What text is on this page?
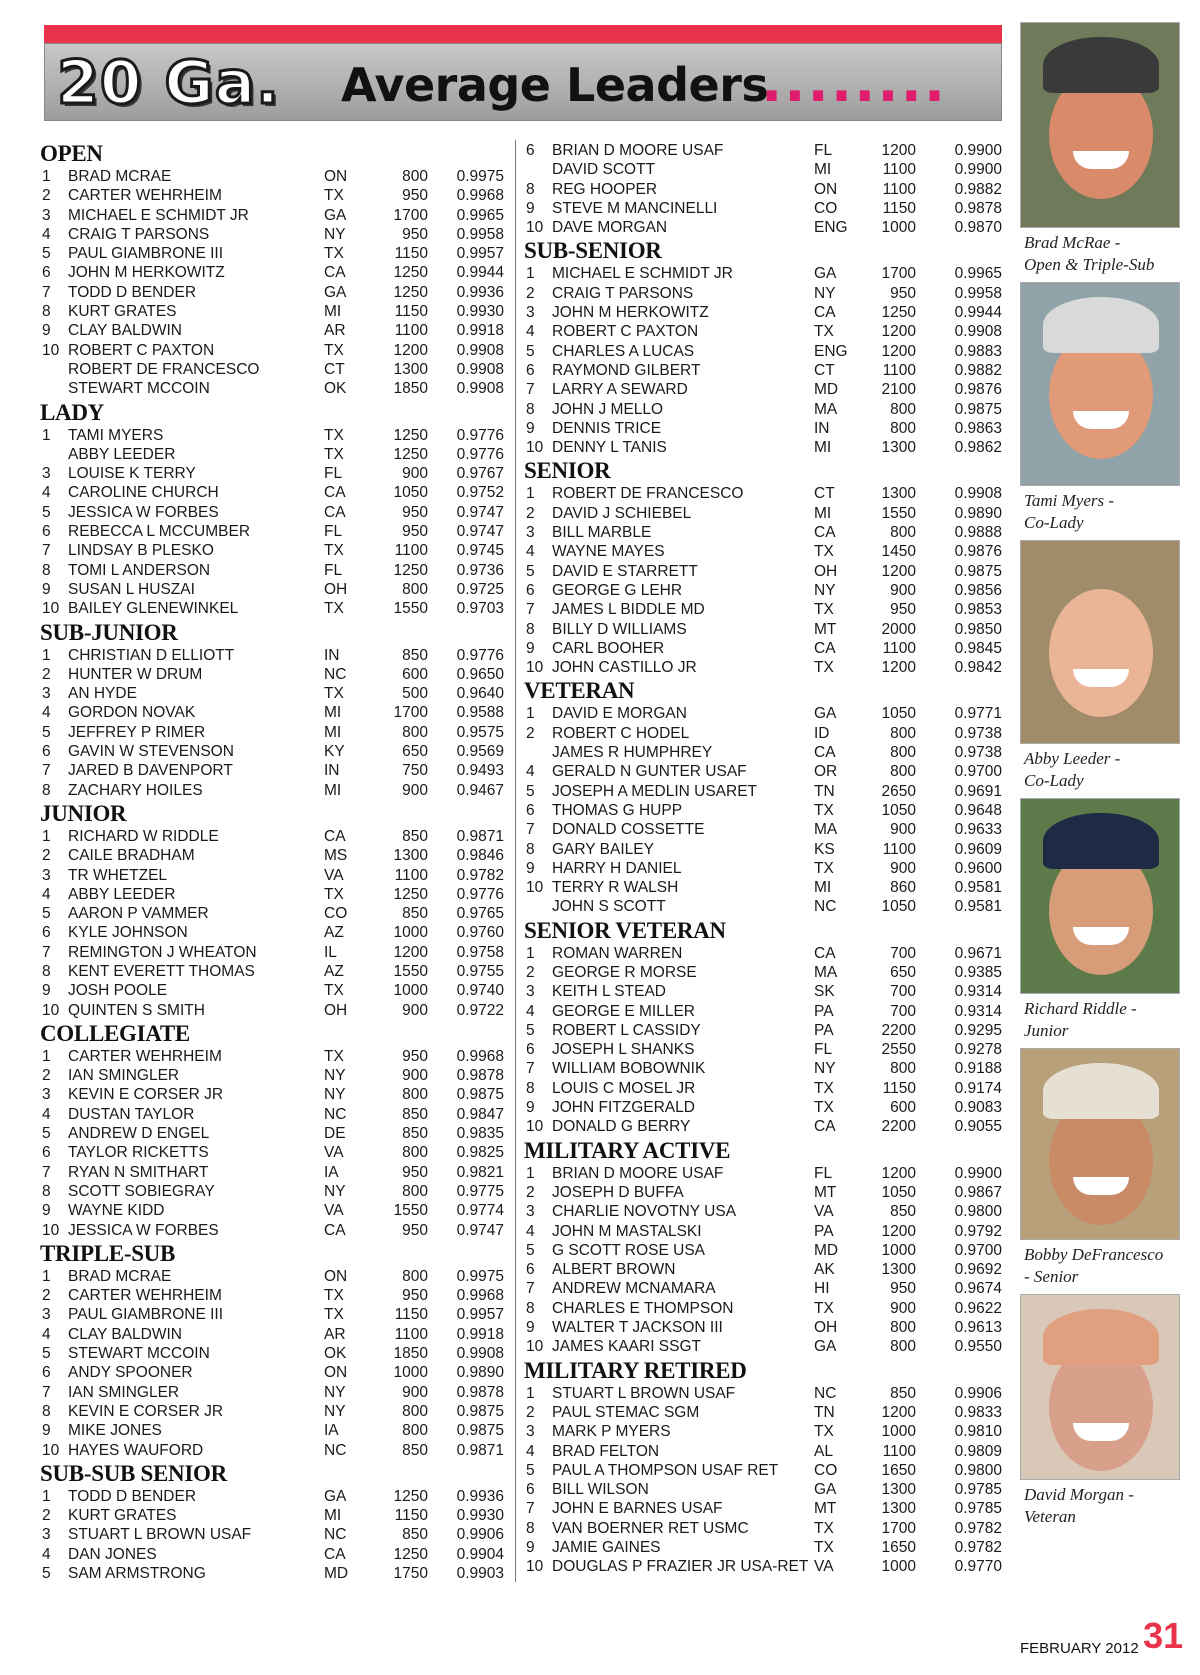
20 Ga. Average Leaders
........
OPEN
1	BRAD MCRAE	ON	800	0.9975
2	CARTER WEHRHEIM	TX	950	0.9968
3	MICHAEL E SCHMIDT JR	GA	1700	0.9965
4	CRAIG T PARSONS	NY	950	0.9958
5	PAUL GIAMBRONE III	TX	1150	0.9957
6	JOHN M HERKOWITZ	CA	1250	0.9944
7	TODD D BENDER	GA	1250	0.9936
8	KURT GRATES	MI	1150	0.9930
9	CLAY BALDWIN	AR	1100	0.9918
10 ROBERT C PAXTON	TX	1200	0.9908
ROBERT DE FRANCESCO	CT	1300	0.9908
STEWART MCCOIN	OK	1850	0.9908
LADY
1	TAMI MYERS	TX	1250	0.9776
ABBY LEEDER	TX	1250	0.9776
3	LOUISE K TERRY	FL	900	0.9767
4	CAROLINE CHURCH	CA	1050	0.9752
5	JESSICA W FORBES	CA	950	0.9747
6	REBECCA L MCCUMBER	FL	950	0.9747
7	LINDSAY B PLESKO	TX	1100	0.9745
8	TOMI L ANDERSON	FL	1250	0.9736
9	SUSAN L HUSZAI	OH	800	0.9725
10 BAILEY GLENEWINKEL	TX	1550	0.9703
SUB-JUNIOR
1	CHRISTIAN D ELLIOTT	IN	850	0.9776
2	HUNTER W DRUM	NC	600	0.9650
3	AN HYDE	TX	500	0.9640
4	GORDON NOVAK	MI	1700	0.9588
5	JEFFREY P RIMER	MI	800	0.9575
6	GAVIN W STEVENSON	KY	650	0.9569
7	JARED B DAVENPORT	IN	750	0.9493
8	ZACHARY HOILES	MI	900	0.9467
JUNIOR
1	RICHARD W RIDDLE	CA	850	0.9871
2	CAILE BRADHAM	MS	1300	0.9846
3	TR WHETZEL	VA	1100	0.9782
4	ABBY LEEDER	TX	1250	0.9776
5	AARON P VAMMER	CO	850	0.9765
6	KYLE JOHNSON	AZ	1000	0.9760
7	REMINGTON J WHEATON	IL	1200	0.9758
8	KENT EVERETT THOMAS	AZ	1550	0.9755
9	JOSH POOLE	TX	1000	0.9740
10 QUINTEN S SMITH	OH	900	0.9722
COLLEGIATE
1	CARTER WEHRHEIM	TX	950	0.9968
2	IAN SMINGLER	NY	900	0.9878
3	KEVIN E CORSER JR	NY	800	0.9875
4	DUSTAN TAYLOR	NC	850	0.9847
5	ANDREW D ENGEL	DE	850	0.9835
6	TAYLOR RICKETTS	VA	800	0.9825
7	RYAN N SMITHART	IA	950	0.9821
8	SCOTT SOBIEGRAY	NY	800	0.9775
9	WAYNE KIDD	VA	1550	0.9774
10 JESSICA W FORBES	CA	950	0.9747
TRIPLE-SUB
1	BRAD MCRAE	ON	800	0.9975
2	CARTER WEHRHEIM	TX	950	0.9968
3	PAUL GIAMBRONE III	TX	1150	0.9957
4	CLAY BALDWIN	AR	1100	0.9918
5	STEWART MCCOIN	OK	1850	0.9908
6	ANDY SPOONER	ON	1000	0.9890
7	IAN SMINGLER	NY	900	0.9878
8	KEVIN E CORSER JR	NY	800	0.9875
9	MIKE JONES	IA	800	0.9875
10 HAYES WAUFORD	NC	850	0.9871
SUB-SUB SENIOR
1	TODD D BENDER	GA	1250	0.9936
2	KURT GRATES	MI	1150	0.9930
3	STUART L BROWN USAF	NC	850	0.9906
4	DAN JONES	CA	1250	0.9904
5	SAM ARMSTRONG	MD	1750	0.9903
6	BRIAN D MOORE USAF	FL	1200	0.9900
DAVID SCOTT	MI	1100	0.9900
8	REG HOOPER	ON	1100	0.9882
9	STEVE M MANCINELLI	CO	1150	0.9878
10 DAVE MORGAN	ENG	1000	0.9870
SUB-SENIOR
1	MICHAEL E SCHMIDT JR	GA	1700	0.9965
2	CRAIG T PARSONS	NY	950	0.9958
3	JOHN M HERKOWITZ	CA	1250	0.9944
4	ROBERT C PAXTON	TX	1200	0.9908
5	CHARLES A LUCAS	ENG	1200	0.9883
6	RAYMOND GILBERT	CT	1100	0.9882
7	LARRY A SEWARD	MD	2100	0.9876
8	JOHN J MELLO	MA	800	0.9875
9	DENNIS TRICE	IN	800	0.9863
10 DENNY L TANIS	MI	1300	0.9862
SENIOR
1	ROBERT DE FRANCESCO	CT	1300	0.9908
2	DAVID J SCHIEBEL	MI	1550	0.9890
3	BILL MARBLE	CA	800	0.9888
4	WAYNE MAYES	TX	1450	0.9876
5	DAVID E STARRETT	OH	1200	0.9875
6	GEORGE G LEHR	NY	900	0.9856
7	JAMES L BIDDLE MD	TX	950	0.9853
8	BILLY D WILLIAMS	MT	2000	0.9850
9	CARL BOOHER	CA	1100	0.9845
10 JOHN CASTILLO JR	TX	1200	0.9842
VETERAN
1	DAVID E MORGAN	GA	1050	0.9771
2	ROBERT C HODEL	ID	800	0.9738
JAMES R HUMPHREY	CA	800	0.9738
4	GERALD N GUNTER USAF	OR	800	0.9700
5	JOSEPH A MEDLIN USARET	TN	2650	0.9691
6	THOMAS G HUPP	TX	1050	0.9648
7	DONALD COSSETTE	MA	900	0.9633
8	GARY BAILEY	KS	1100	0.9609
9	HARRY H DANIEL	TX	900	0.9600
10 TERRY R WALSH	MI	860	0.9581
JOHN S SCOTT	NC	1050	0.9581
SENIOR VETERAN
1	ROMAN WARREN	CA	700	0.9671
2	GEORGE R MORSE	MA	650	0.9385
3	KEITH L STEAD	SK	700	0.9314
4	GEORGE E MILLER	PA	700	0.9314
5	ROBERT L CASSIDY	PA	2200	0.9295
6	JOSEPH L SHANKS	FL	2550	0.9278
7	WILLIAM BOBOWNIK	NY	800	0.9188
8	LOUIS C MOSEL JR	TX	1150	0.9174
9	JOHN FITZGERALD	TX	600	0.9083
10 DONALD G BERRY	CA	2200	0.9055
MILITARY ACTIVE
1	BRIAN D MOORE USAF	FL	1200	0.9900
2	JOSEPH D BUFFA	MT	1050	0.9867
3	CHARLIE NOVOTNY USA	VA	850	0.9800
4	JOHN M MASTALSKI	PA	1200	0.9792
5	G SCOTT ROSE USA	MD	1000	0.9700
6	ALBERT BROWN	AK	1300	0.9692
7	ANDREW MCNAMARA	HI	950	0.9674
8	CHARLES E THOMPSON	TX	900	0.9622
9	WALTER T JACKSON III	OH	800	0.9613
10 JAMES KAARI SSGT	GA	800	0.9550
MILITARY RETIRED
1	STUART L BROWN USAF	NC	850	0.9906
2	PAUL STEMAC SGM	TN	1200	0.9833
3	MARK P MYERS	TX	1000	0.9810
4	BRAD FELTON	AL	1100	0.9809
5	PAUL A THOMPSON USAF RET	CO	1650	0.9800
6	BILL WILSON	GA	1300	0.9785
7	JOHN E BARNES USAF	MT	1300	0.9785
8	VAN BOERNER RET USMC	TX	1700	0.9782
9	JAMIE GAINES	TX	1650	0.9782
10 DOUGLAS P FRAZIER JR USA-RET VA	1000	0.9770
Brad McRae -
Open & Triple-Sub
Tami Myers -
Co-Lady
Abby Leeder -
Co-Lady
Richard Riddle -
Junior
Bobby DeFrancesco
- Senior
David Morgan -
Veteran
FEBRUARY 2012 31
